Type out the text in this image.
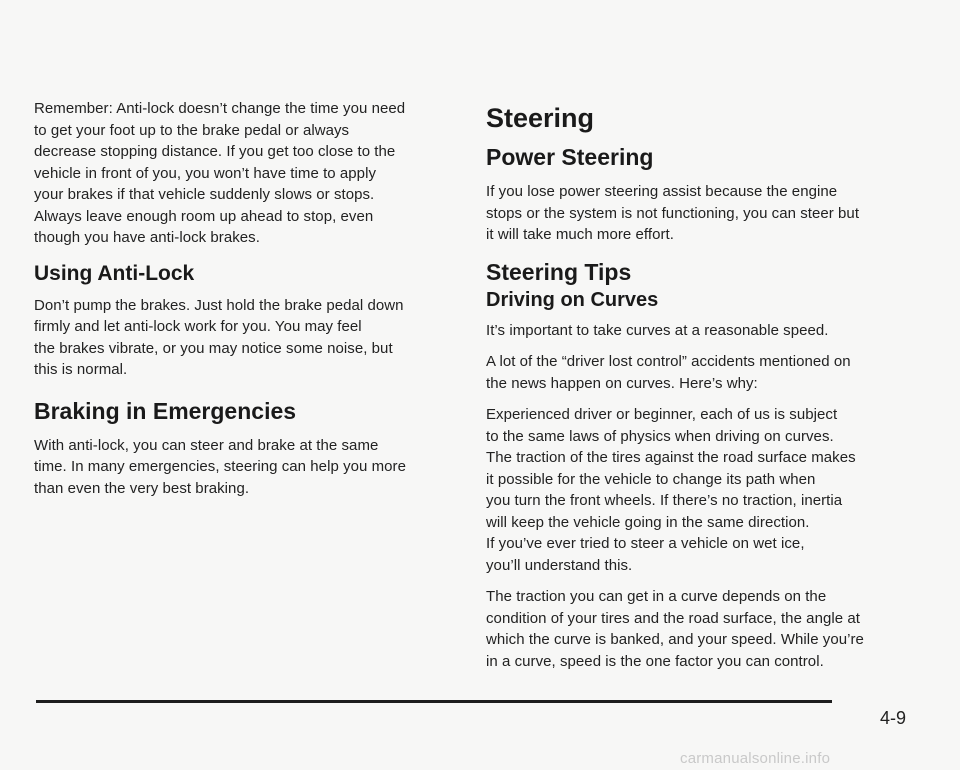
Remember: Anti-lock doesn’t change the time you need
to get your foot up to the brake pedal or always
decrease stopping distance. If you get too close to the
vehicle in front of you, you won’t have time to apply
your brakes if that vehicle suddenly slows or stops.
Always leave enough room up ahead to stop, even
though you have anti-lock brakes.

Using Anti-Lock

Don’t pump the brakes. Just hold the brake pedal down
firmly and let anti-lock work for you. You may feel
the brakes vibrate, or you may notice some noise, but
this is normal.

Braking in Emergencies

With anti-lock, you can steer and brake at the same
time. In many emergencies, steering can help you more
than even the very best braking.

Steering
Power Steering

If you lose power steering assist because the engine
stops or the system is not functioning, you can steer but
it will take much more effort.

Steering Tips
Driving on Curves

It’s important to take curves at a reasonable speed.

A lot of the “driver lost control” accidents mentioned on
the news happen on curves. Here’s why:

Experienced driver or beginner, each of us is subject
to the same laws of physics when driving on curves.
The traction of the tires against the road surface makes
it possible for the vehicle to change its path when
you turn the front wheels. If there’s no traction, inertia
will keep the vehicle going in the same direction.
If you’ve ever tried to steer a vehicle on wet ice,
you’ll understand this.

The traction you can get in a curve depends on the
condition of your tires and the road surface, the angle at
which the curve is banked, and your speed. While you’re
in a curve, speed is the one factor you can control.

4-9
carmanualsonline.info
